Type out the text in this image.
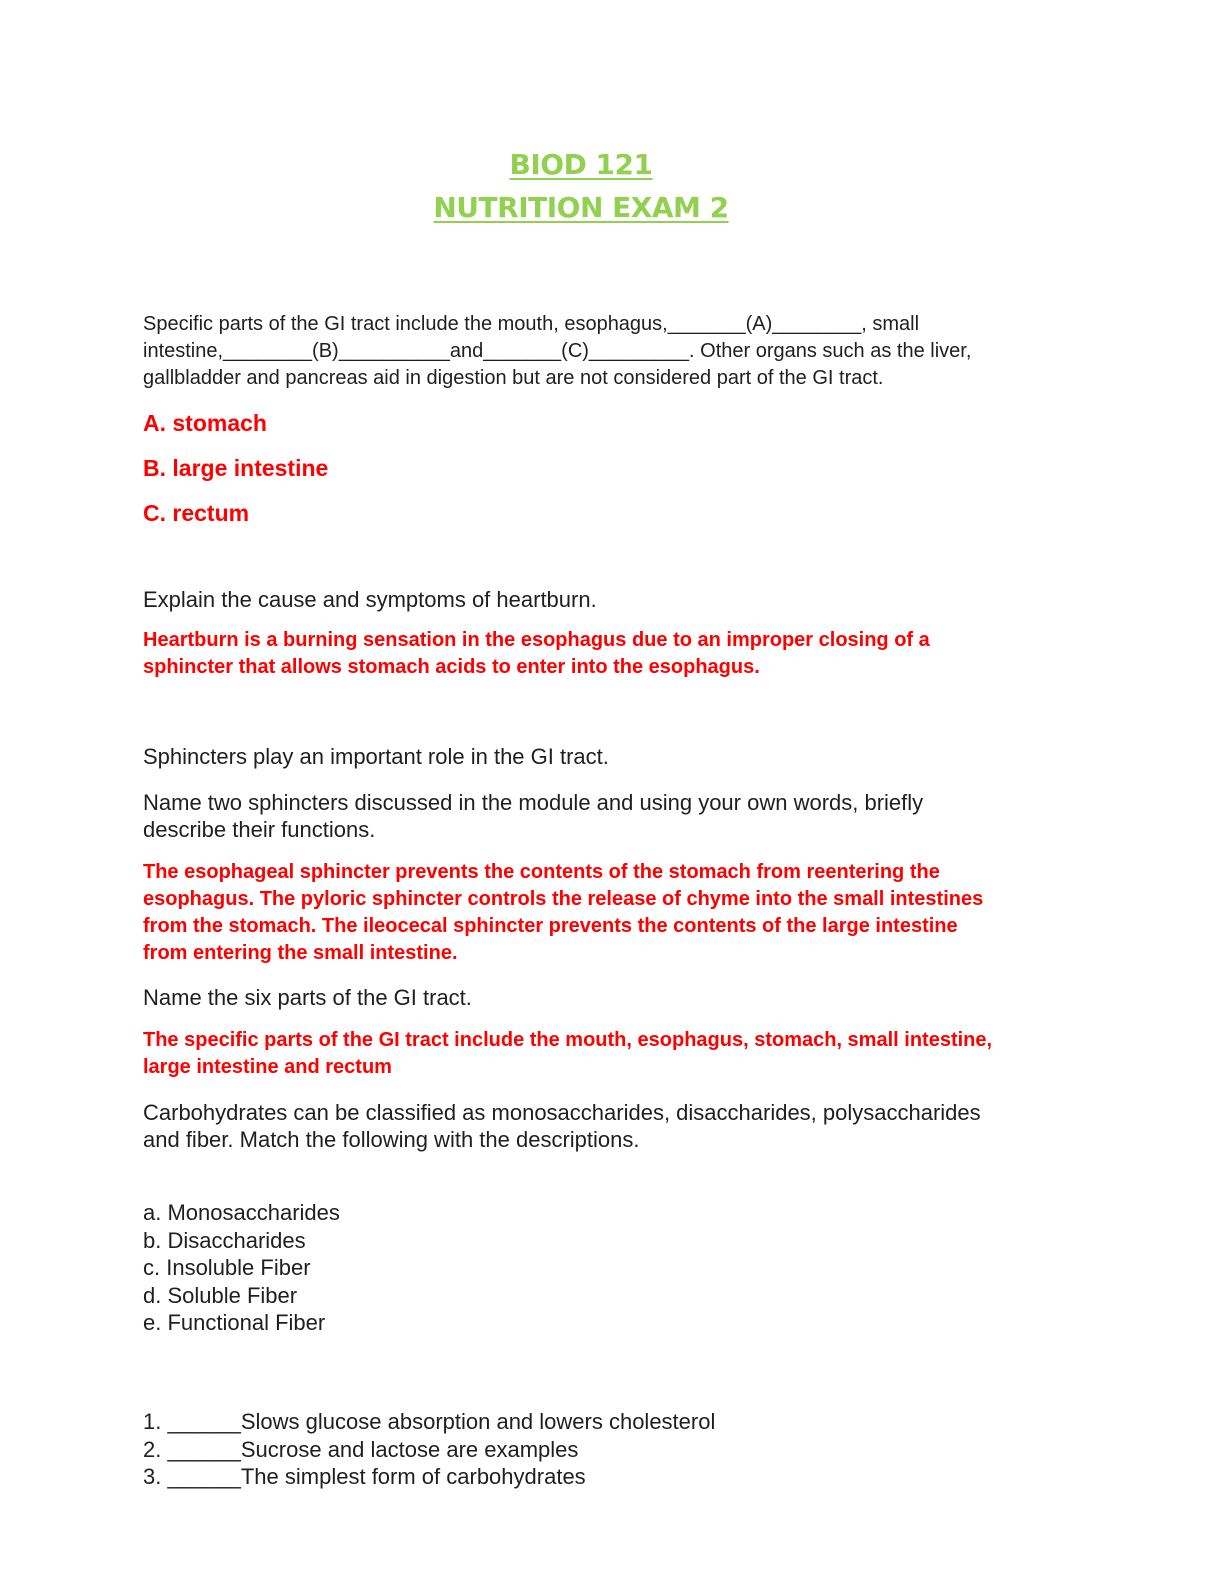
BIOD 121
NUTRITION EXAM 2
Specific parts of the GI tract include the mouth, esophagus,_______(A)________, small
intestine,________(B)__________and_______(C)_________. Other organs such as the liver,
gallbladder and pancreas aid in digestion but are not considered part of the GI tract.
A. stomach
B. large intestine
C. rectum
Explain the cause and symptoms of heartburn.
Heartburn is a burning sensation in the esophagus due to an improper closing of a
sphincter that allows stomach acids to enter into the esophagus.
Sphincters play an important role in the GI tract.
Name two sphincters discussed in the module and using your own words, briefly
describe their functions.
The esophageal sphincter prevents the contents of the stomach from reentering the
esophagus. The pyloric sphincter controls the release of chyme into the small intestines
from the stomach. The ileocecal sphincter prevents the contents of the large intestine
from entering the small intestine.
Name the six parts of the GI tract.
The specific parts of the GI tract include the mouth, esophagus, stomach, small intestine,
large intestine and rectum
Carbohydrates can be classified as monosaccharides, disaccharides, polysaccharides
and fiber. Match the following with the descriptions.
a. Monosaccharides
b. Disaccharides
c. Insoluble Fiber
d. Soluble Fiber
e. Functional Fiber
1. ______Slows glucose absorption and lowers cholesterol
2. ______Sucrose and lactose are examples
3. ______The simplest form of carbohydrates
